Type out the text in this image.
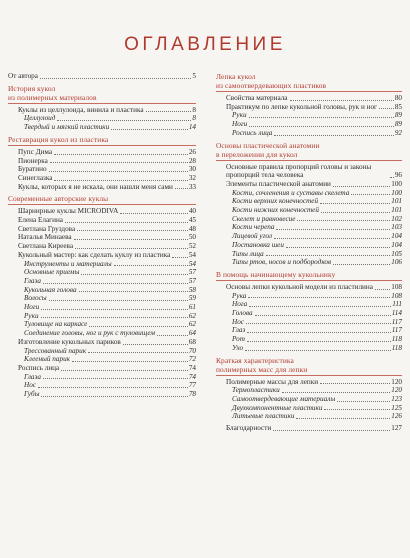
ОГЛАВЛЕНИЕ
От автора	5
История кукол
из полимерных материалов
Куклы из целлулоида, винила и пластика	8
Целлулоид	8
Твердый и мягкий пластики	14
Реставрация кукол из пластика
Пупс Дима	26
Пионерка	28
Буратино	30
Синеглазка	32
Куклы, которых я не искала, они нашли меня сами 33
Современные авторские куклы
Шарнирные куклы MICRODIVA	40
Елена Елагина	45
Светлана Груздова	48
Наталья Минаева	50
Светлана Киреева	52
Кукольный мастер: как сделать куклу из пластика	54
Инструменты и материалы	54
Основные приемы	57
Глаза	57
Кукольная голова	58
Волосы	59
Ноги	61
Руки	62
Туловище на каркасе	62
Соединение головы, ног и рук с туловищем	64
Изготовление кукольных париков	68
Трессованный парик	70
Клееный парик	72
Роспись лица	74
Глаза	74
Нос	77
Губы	78
Лепка кукол
из самоотвердевающих пластиков
Свойства материала	80
Практикум по лепке кукольной головы, рук и ног 85
Руки	89
Ноги	89
Роспись лица	92
Основы пластической анатомии
в переложении для кукол
Основные правила пропорций головы и законы пропорций тела человека	96
Элементы пластической анатомии	100
Кости, сочленения и суставы скелета	100
Кости верхних конечностей	101
Кости нижних конечностей	101
Скелет и равновесие	102
Кости черепа	103
Лицевой угол	104
Постановка шеи	104
Типы лица	105
Типы ртов, носов и подбородков	106
В помощь начинающему кукольнику
Основы лепки кукольной модели из пластилина	108
Рука	108
Нога	111
Голова	114
Нос	117
Глаз	117
Рот	118
Ухо	118
Краткая характеристика
полимерных масс для лепки
Полимерные массы для лепки	120
Термопластики	120
Самоотвердевающие материалы	123
Двухкомпонентные пластики	125
Литьевые пластики	126
Благодарности	127
